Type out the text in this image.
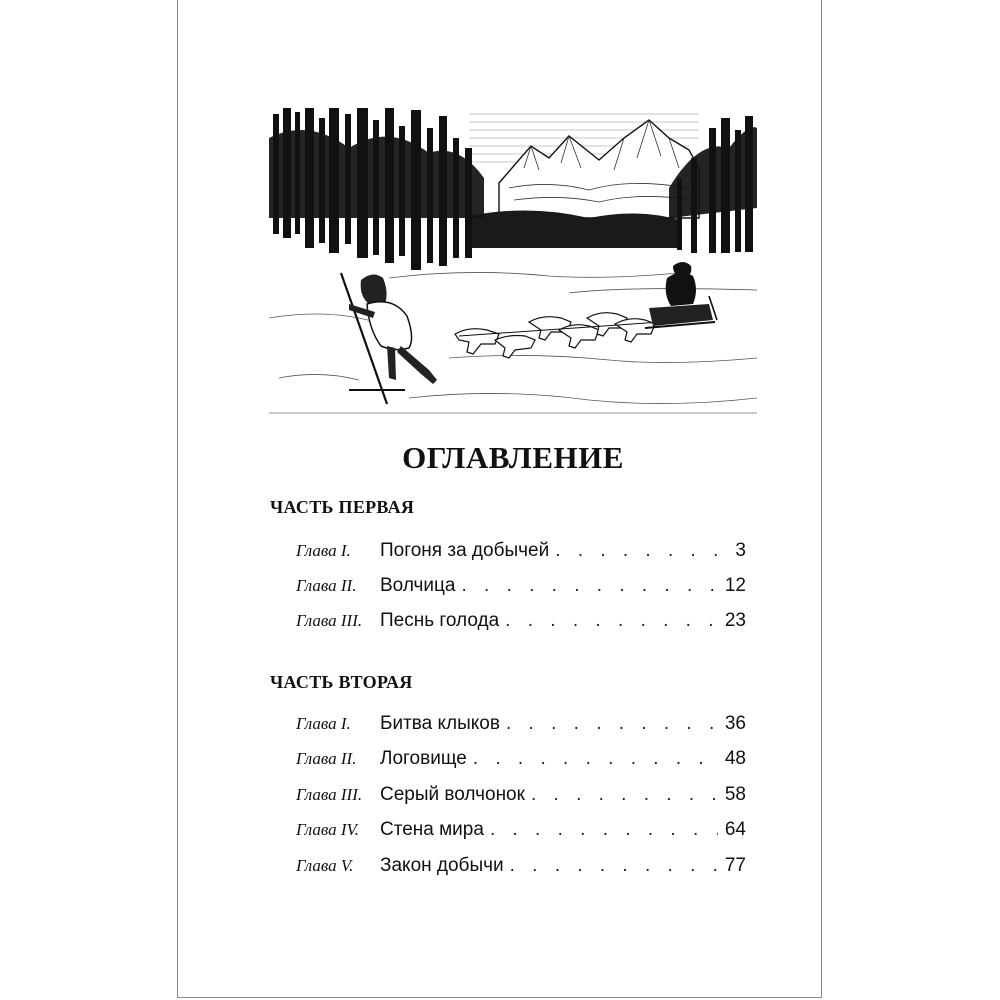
ОГЛАВЛЕНИЕ
ЧАСТЬ ПЕРВАЯ
Глава I.	Погоня за добычей . . .	3
Глава II.	Волчица . . .	12
Глава III. Песнь голода . . .	23
ЧАСТЬ ВТОРАЯ
Глава I.	Битва клыков . . .	36
Глава II.	Логовище . . .	48
Глава III. Серый волчонок . . .	58
Глава IV.	Стена мира . . .	64
Глава V.	Закон добычи . . .	77
